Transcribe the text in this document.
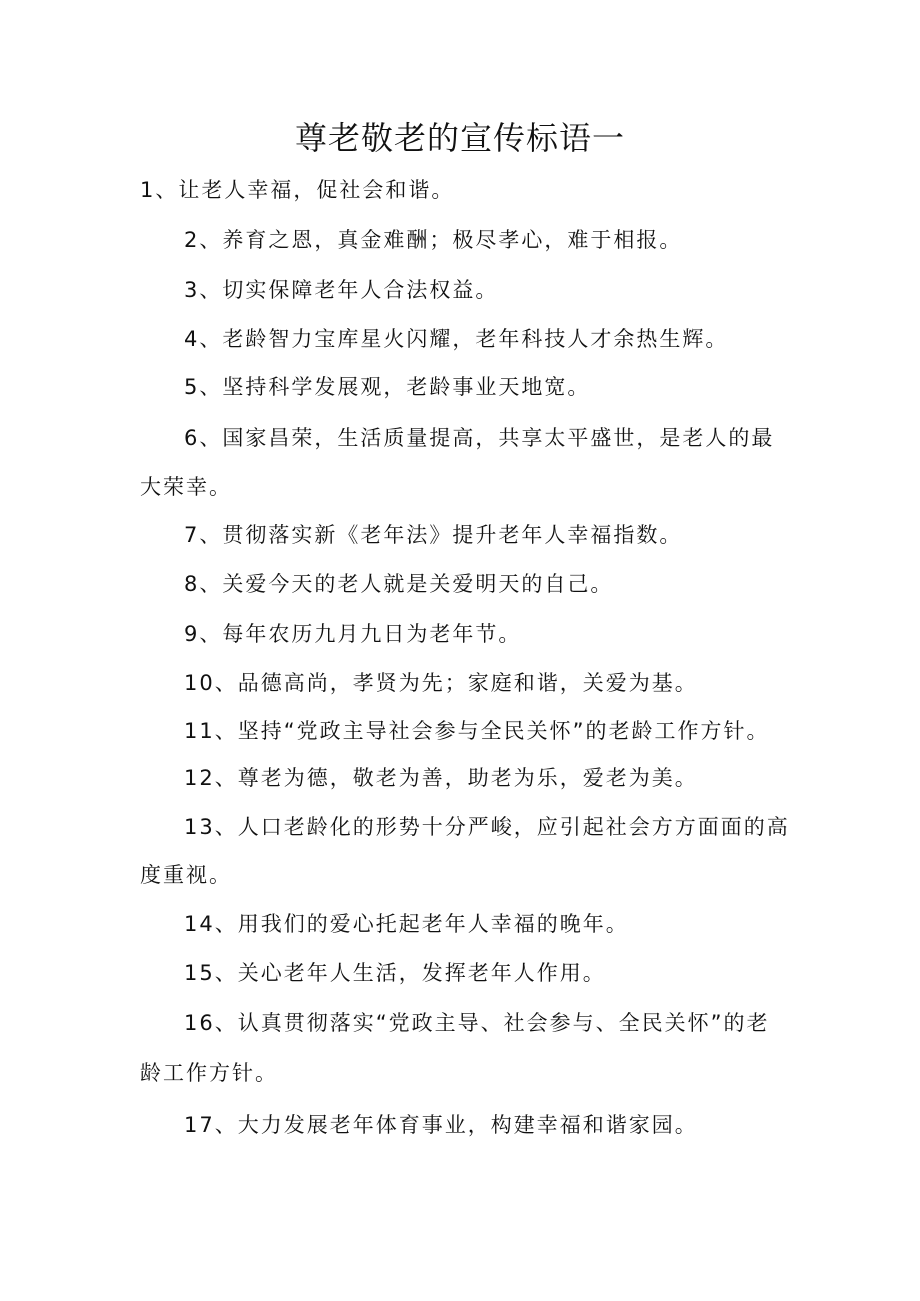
尊老敬老的宣传标语一
1、让老人幸福，促社会和谐。
2、养育之恩，真金难酬；极尽孝心，难于相报。
3、切实保障老年人合法权益。
4、老龄智力宝库星火闪耀，老年科技人才余热生辉。
5、坚持科学发展观，老龄事业天地宽。
6、国家昌荣，生活质量提高，共享太平盛世，是老人的最
大荣幸。
7、贯彻落实新《老年法》提升老年人幸福指数。
8、关爱今天的老人就是关爱明天的自己。
9、每年农历九月九日为老年节。
10、品德高尚，孝贤为先；家庭和谐，关爱为基。
11、坚持“党政主导社会参与全民关怀”的老龄工作方针。
12、尊老为德，敬老为善，助老为乐，爱老为美。
13、人口老龄化的形势十分严峻，应引起社会方方面面的高
度重视。
14、用我们的爱心托起老年人幸福的晚年。
15、关心老年人生活，发挥老年人作用。
16、认真贯彻落实“党政主导、社会参与、全民关怀”的老
龄工作方针。
17、大力发展老年体育事业，构建幸福和谐家园。
